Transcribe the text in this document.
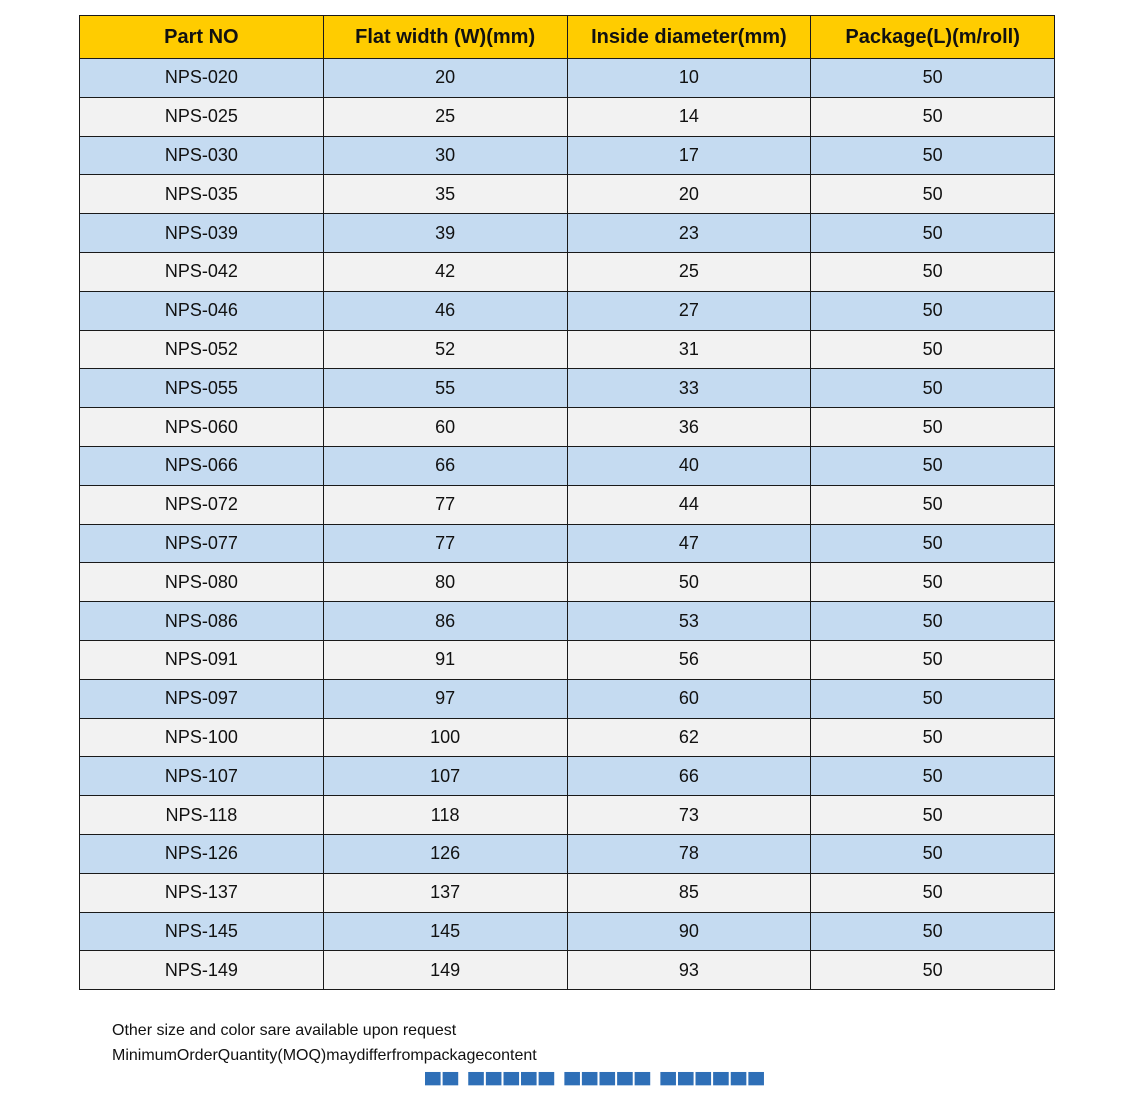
Part NO	Flat width (W)(mm)	Inside diameter(mm)	Package(L)(m/roll)
NPS-020	20	10	50
NPS-025	25	14	50
NPS-030	30	17	50
NPS-035	35	20	50
NPS-039	39	23	50
NPS-042	42	25	50
NPS-046	46	27	50
NPS-052	52	31	50
NPS-055	55	33	50
NPS-060	60	36	50
NPS-066	66	40	50
NPS-072	77	44	50
NPS-077	77	47	50
NPS-080	80	50	50
NPS-086	86	53	50
NPS-091	91	56	50
NPS-097	97	60	50
NPS-100	100	62	50
NPS-107	107	66	50
NPS-118	118	73	50
NPS-126	126	78	50
NPS-137	137	85	50
NPS-145	145	90	50
NPS-149	149	93	50

Other size and color sare available upon request

MinimumOrderQuantity(MOQ)maydifferfrompackagecontent

▀▀ ▀▀▀▀▀ ▀▀▀▀▀ ▀▀▀▀▀▀
